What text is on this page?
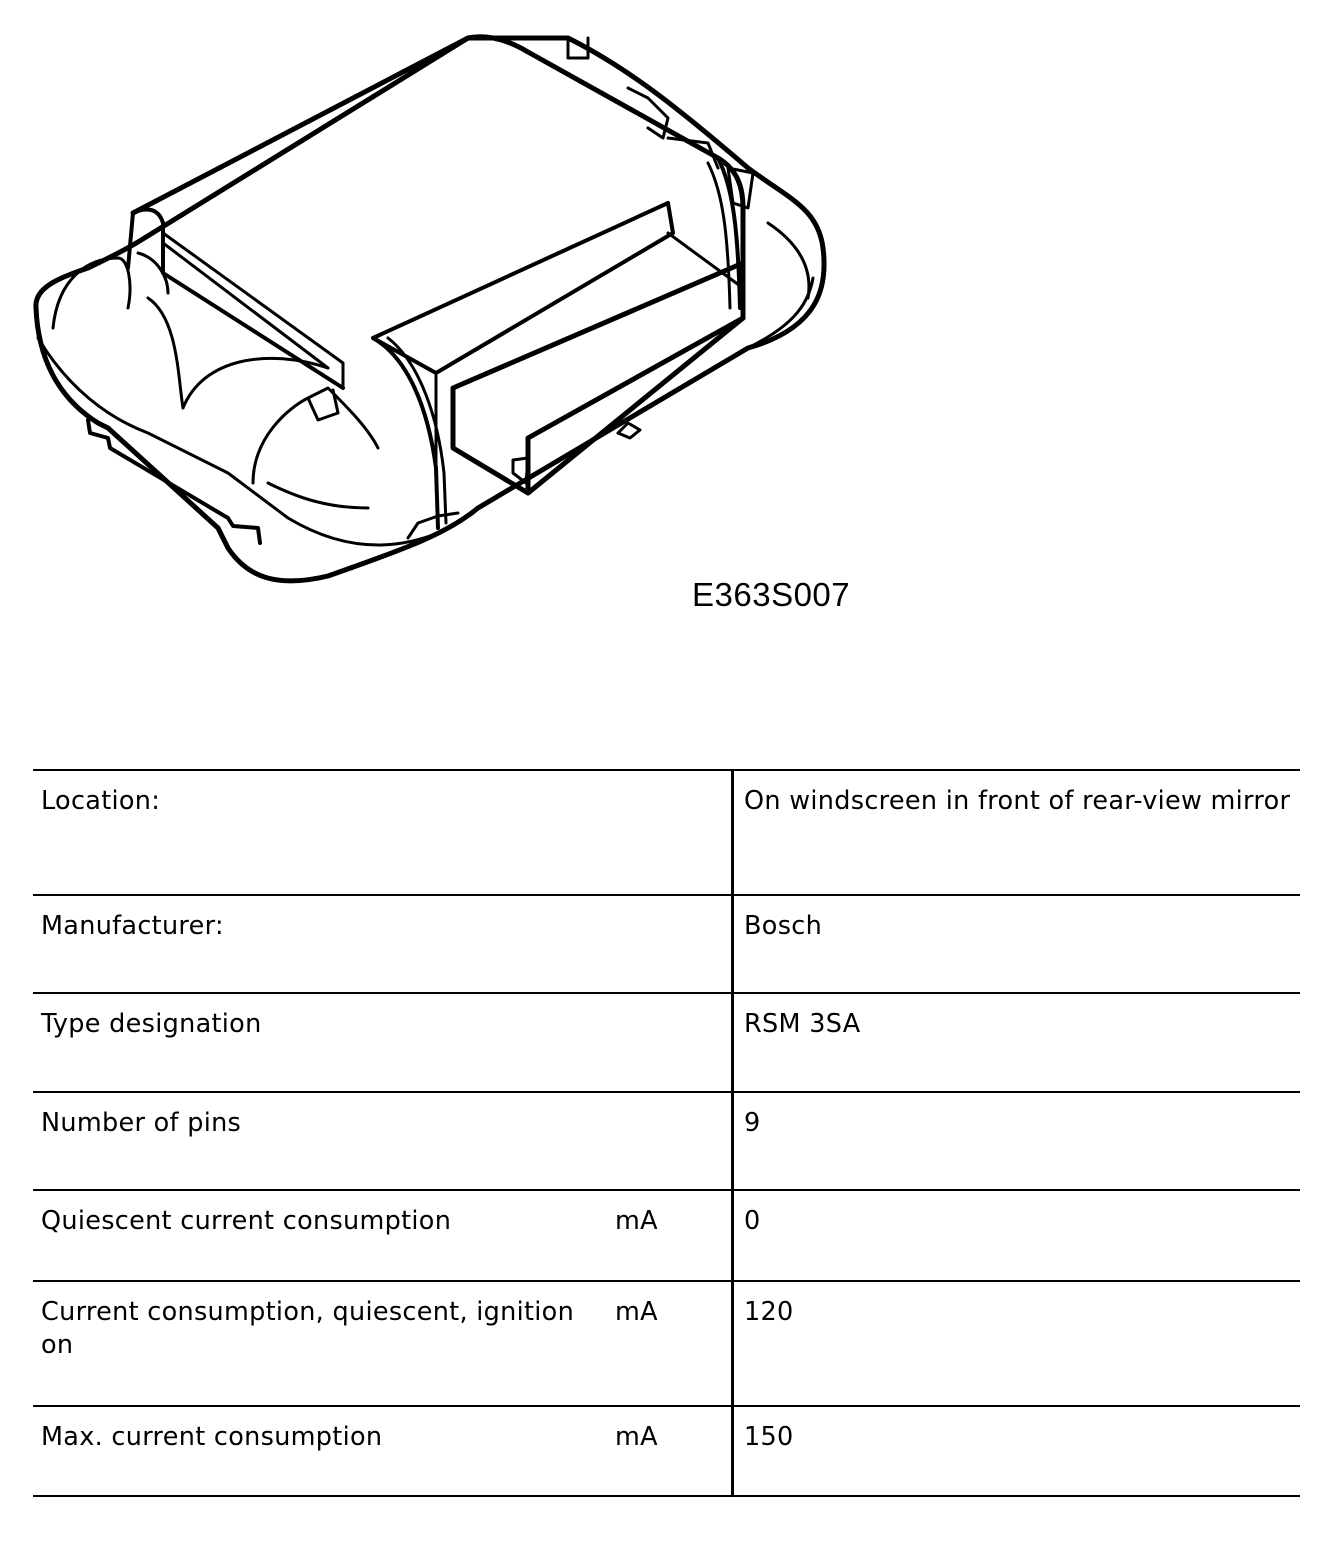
E363S007
Location:		On windscreen in front of rear-view mirror
Manufacturer:		Bosch
Type designation		RSM 3SA
Number of pins		9
Quiescent current consumption	mA	0
Current consumption, quiescent, ignition on	mA	120
Max. current consumption	mA	150
